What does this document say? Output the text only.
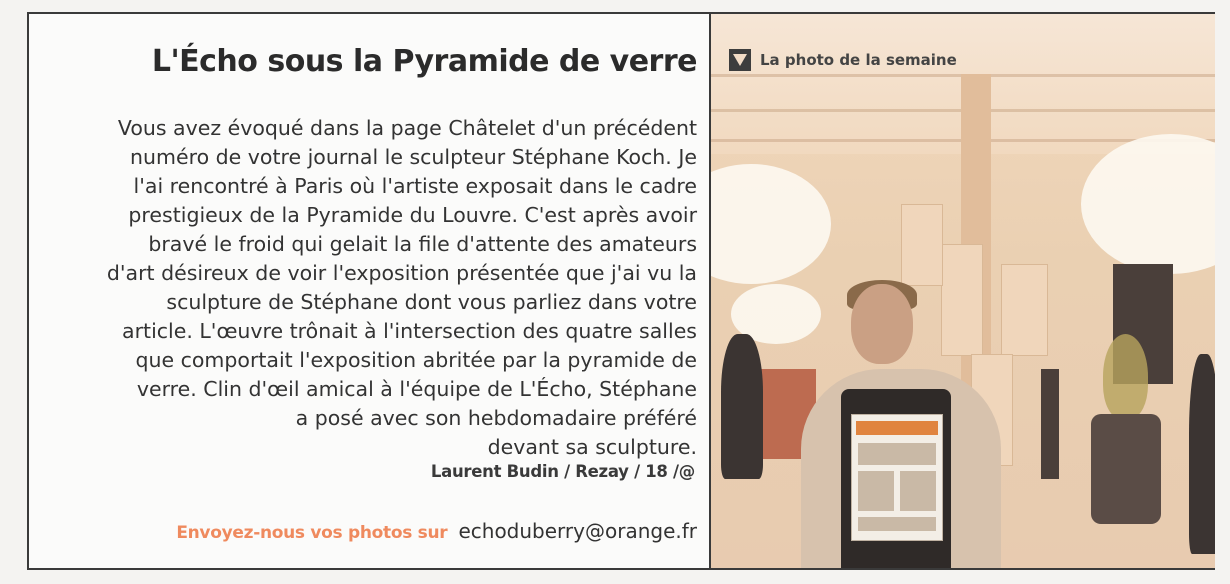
L'Écho sous la Pyramide de verre

Vous avez évoqué dans la page Châtelet d'un précédent
numéro de votre journal le sculpteur Stéphane Koch. Je
l'ai rencontré à Paris où l'artiste exposait dans le cadre
prestigieux de la Pyramide du Louvre. C'est après avoir
bravé le froid qui gelait la file d'attente des amateurs
d'art désireux de voir l'exposition présentée que j'ai vu la
sculpture de Stéphane dont vous parliez dans votre
article. L'œuvre trônait à l'intersection des quatre salles
que comportait l'exposition abritée par la pyramide de
verre. Clin d'œil amical à l'équipe de L'Écho, Stéphane
a posé avec son hebdomadaire préféré
devant sa sculpture.

Laurent Budin / Rezay / 18 /@

Envoyez-nous vos photos sur echoduberry@orange.fr
La photo de la semaine
